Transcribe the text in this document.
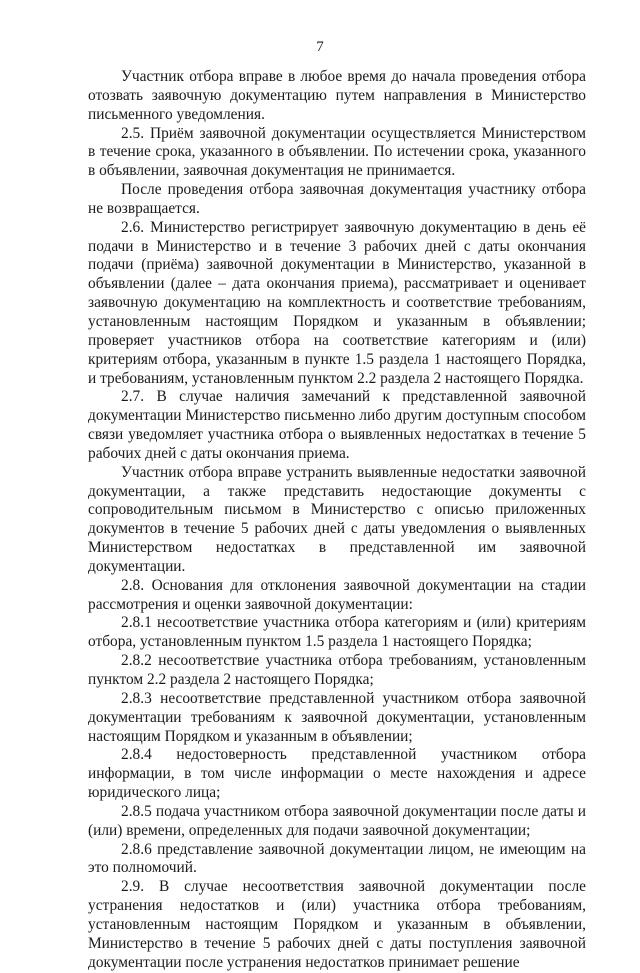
7

Участник отбора вправе в любое время до начала проведения отбора отозвать заявочную документацию путем направления в Министерство письменного уведомления.

2.5. Приём заявочной документации осуществляется Министерством в течение срока, указанного в объявлении. По истечении срока, указанного в объявлении, заявочная документация не принимается.

После проведения отбора заявочная документация участнику отбора не возвращается.

2.6. Министерство регистрирует заявочную документацию в день её подачи в Министерство и в течение 3 рабочих дней с даты окончания подачи (приёма) заявочной документации в Министерство, указанной в объявлении (далее – дата окончания приема), рассматривает и оценивает заявочную документацию на комплектность и соответствие требованиям, установленным настоящим Порядком и указанным в объявлении; проверяет участников отбора на соответствие категориям и (или) критериям отбора, указанным в пункте 1.5 раздела 1 настоящего Порядка, и требованиям, установленным пунктом 2.2 раздела 2 настоящего Порядка.

2.7. В случае наличия замечаний к представленной заявочной документации Министерство письменно либо другим доступным способом связи уведомляет участника отбора о выявленных недостатках в течение 5 рабочих дней с даты окончания приема.

Участник отбора вправе устранить выявленные недостатки заявочной документации, а также представить недостающие документы с сопроводительным письмом в Министерство с описью приложенных документов в течение 5 рабочих дней с даты уведомления о выявленных Министерством недостатках в представленной им заявочной документации.

2.8. Основания для отклонения заявочной документации на стадии рассмотрения и оценки заявочной документации:

2.8.1 несоответствие участника отбора категориям и (или) критериям отбора, установленным пунктом 1.5 раздела 1 настоящего Порядка;

2.8.2 несоответствие участника отбора требованиям, установленным пунктом 2.2 раздела 2 настоящего Порядка;

2.8.3 несоответствие представленной участником отбора заявочной документации требованиям к заявочной документации, установленным настоящим Порядком и указанным в объявлении;

2.8.4 недостоверность представленной участником отбора информации, в том числе информации о месте нахождения и адресе юридического лица;

2.8.5 подача участником отбора заявочной документации после даты и (или) времени, определенных для подачи заявочной документации;

2.8.6 представление заявочной документации лицом, не имеющим на это полномочий.

2.9. В случае несоответствия заявочной документации после устранения недостатков и (или) участника отбора требованиям, установленным настоящим Порядком и указанным в объявлении, Министерство в течение 5 рабочих дней с даты поступления заявочной документации после устранения недостатков принимает решение
